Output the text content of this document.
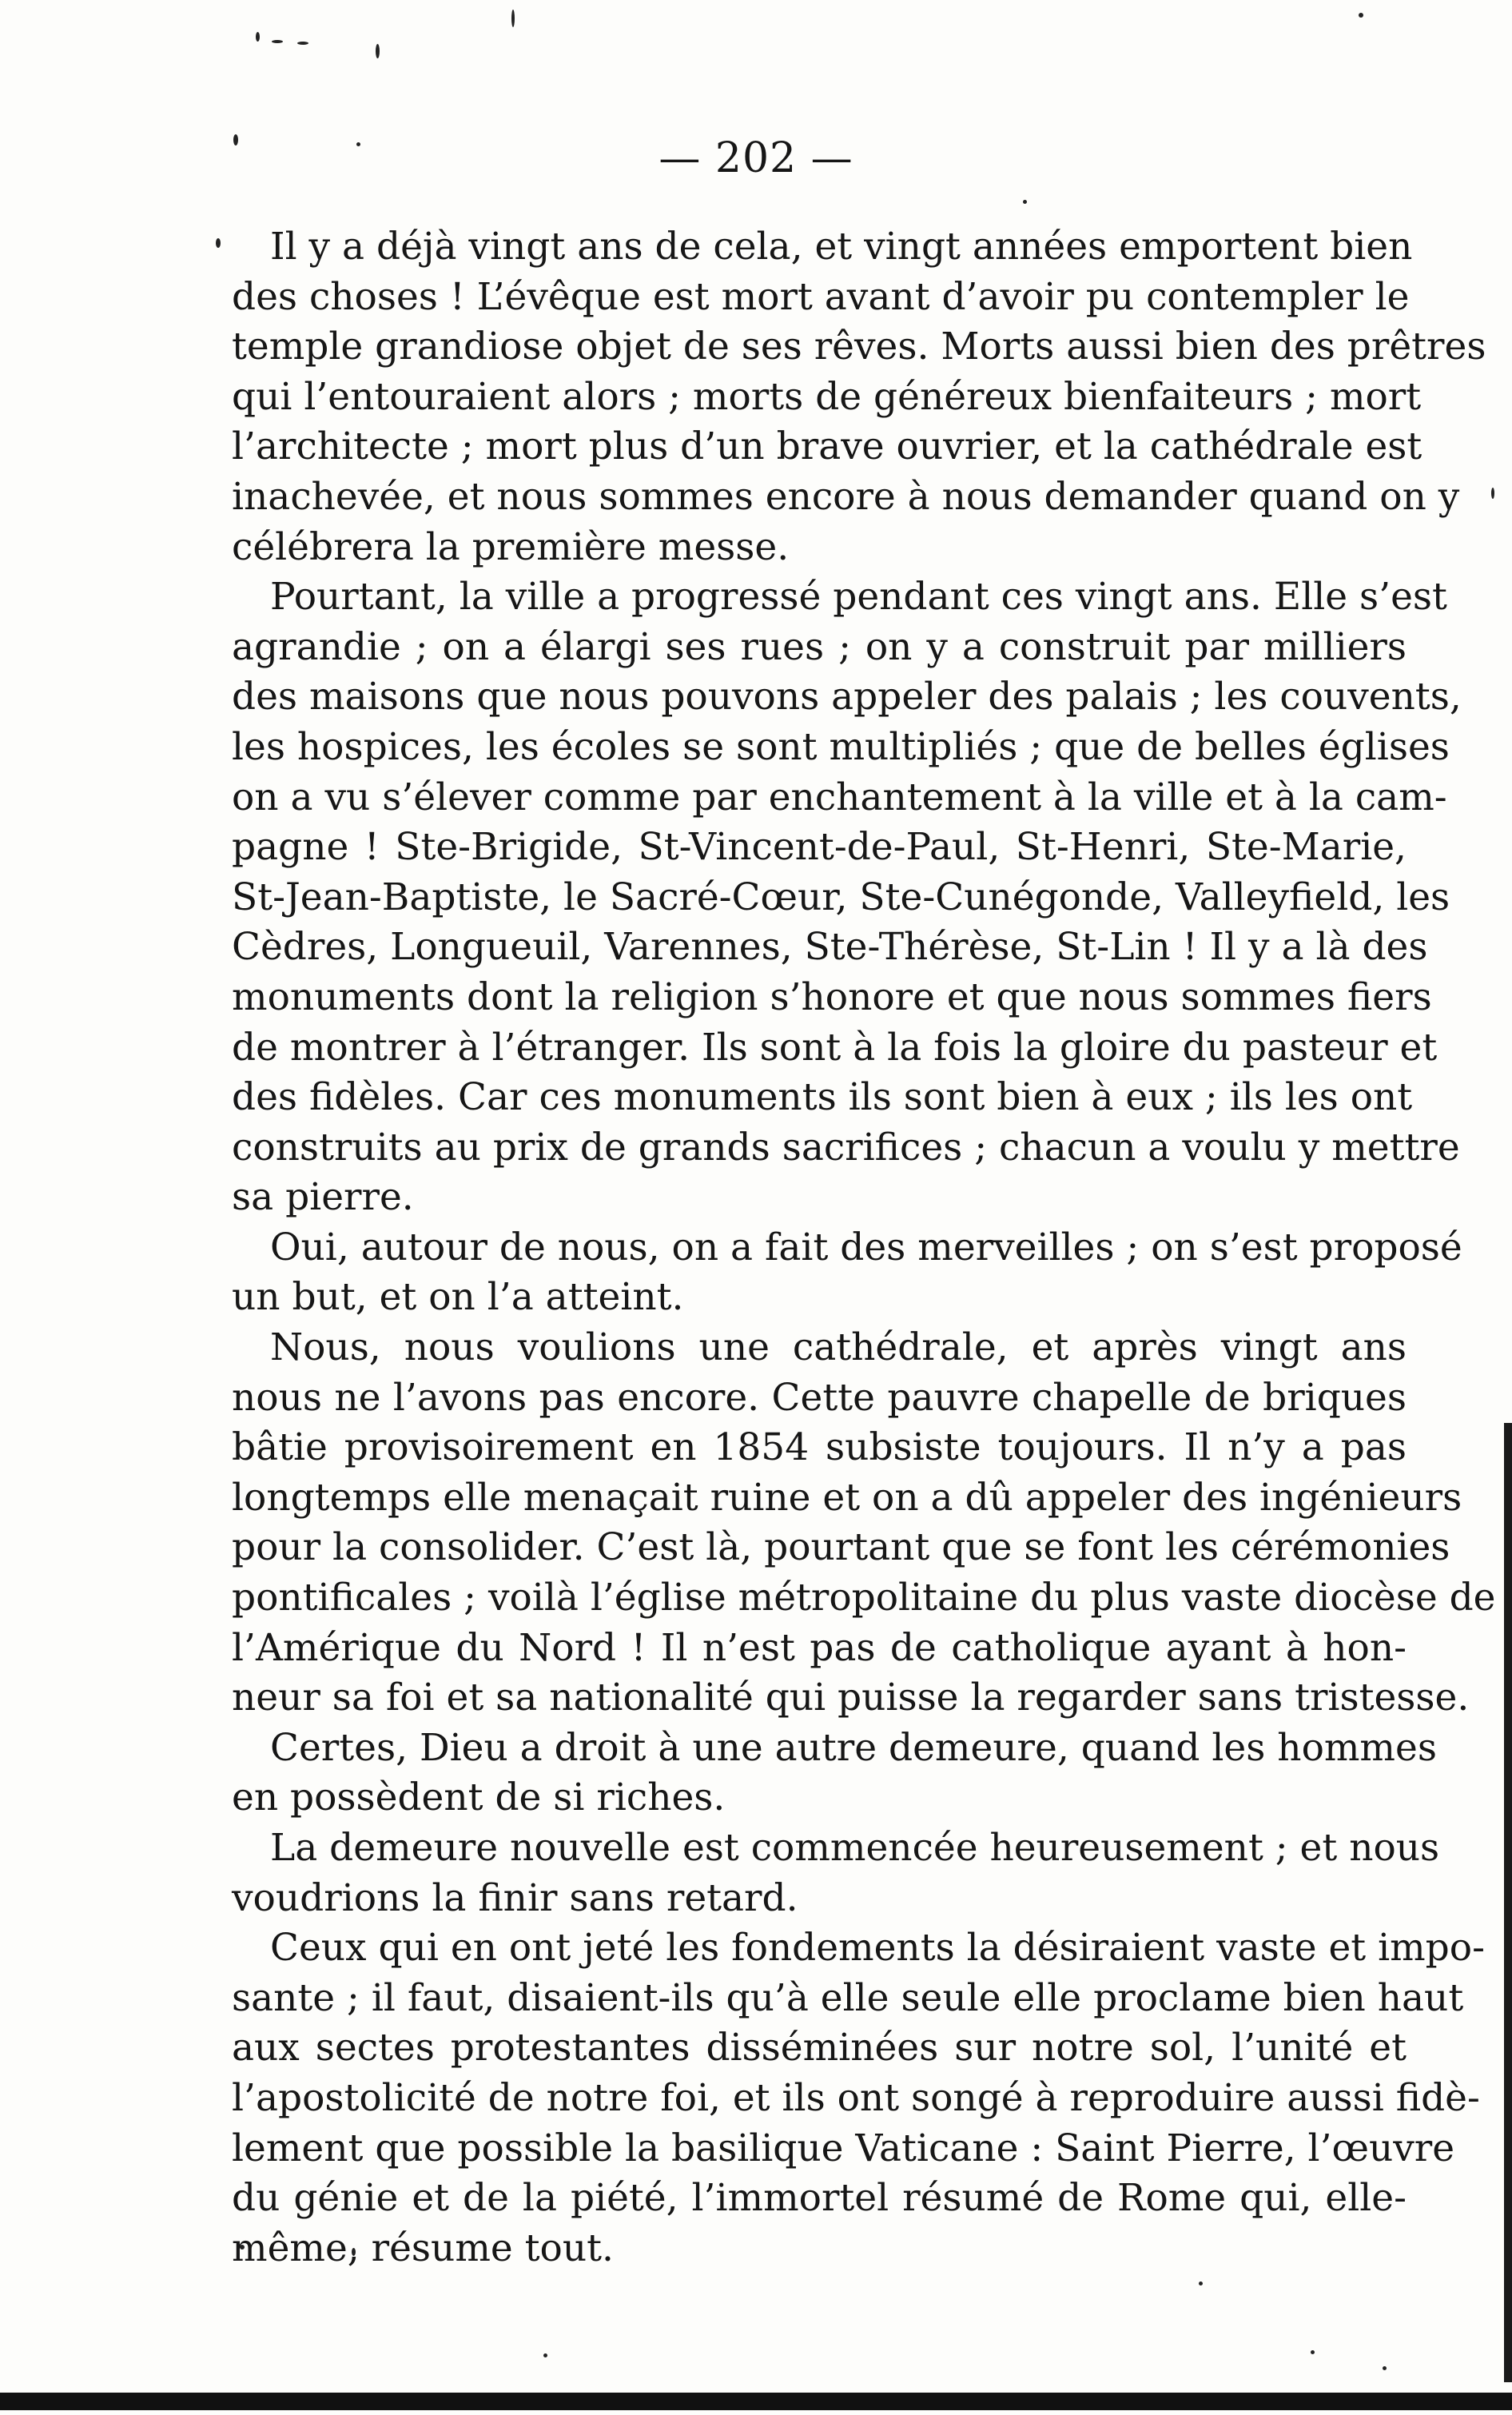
— 202 —
Il y a déjà vingt ans de cela, et vingt années emportent bien
des choses ! L’évêque est mort avant d’avoir pu contempler le
temple grandiose objet de ses rêves. Morts aussi bien des prêtres
qui l’entouraient alors ; morts de généreux bienfaiteurs ; mort
l’architecte ; mort plus d’un brave ouvrier, et la cathédrale est
inachevée, et nous sommes encore à nous demander quand on y
célébrera la première messe.
Pourtant, la ville a progressé pendant ces vingt ans. Elle s’est
agrandie ; on a élargi ses rues ; on y a construit par milliers
des maisons que nous pouvons appeler des palais ; les couvents,
les hospices, les écoles se sont multipliés ; que de belles églises
on a vu s’élever comme par enchantement à la ville et à la cam-
pagne ! Ste-Brigide, St-Vincent-de-Paul, St-Henri, Ste-Marie,
St-Jean-Baptiste, le Sacré-Cœur, Ste-Cunégonde, Valleyfield, les
Cèdres, Longueuil, Varennes, Ste-Thérèse, St-Lin ! Il y a là des
monuments dont la religion s’honore et que nous sommes fiers
de montrer à l’étranger. Ils sont à la fois la gloire du pasteur et
des fidèles. Car ces monuments ils sont bien à eux ; ils les ont
construits au prix de grands sacrifices ; chacun a voulu y mettre
sa pierre.
Oui, autour de nous, on a fait des merveilles ; on s’est proposé
un but, et on l’a atteint.
Nous, nous voulions une cathédrale, et après vingt ans
nous ne l’avons pas encore. Cette pauvre chapelle de briques
bâtie provisoirement en 1854 subsiste toujours. Il n’y a pas
longtemps elle menaçait ruine et on a dû appeler des ingénieurs
pour la consolider. C’est là, pourtant que se font les cérémonies
pontificales ; voilà l’église métropolitaine du plus vaste diocèse de
l’Amérique du Nord ! Il n’est pas de catholique ayant à hon-
neur sa foi et sa nationalité qui puisse la regarder sans tristesse.
Certes, Dieu a droit à une autre demeure, quand les hommes
en possèdent de si riches.
La demeure nouvelle est commencée heureusement ; et nous
voudrions la finir sans retard.
Ceux qui en ont jeté les fondements la désiraient vaste et impo-
sante ; il faut, disaient-ils qu’à elle seule elle proclame bien haut
aux sectes protestantes disséminées sur notre sol, l’unité et
l’apostolicité de notre foi, et ils ont songé à reproduire aussi fidè-
lement que possible la basilique Vaticane : Saint Pierre, l’œuvre
du génie et de la piété, l’immortel résumé de Rome qui, elle-
même, résume tout.
